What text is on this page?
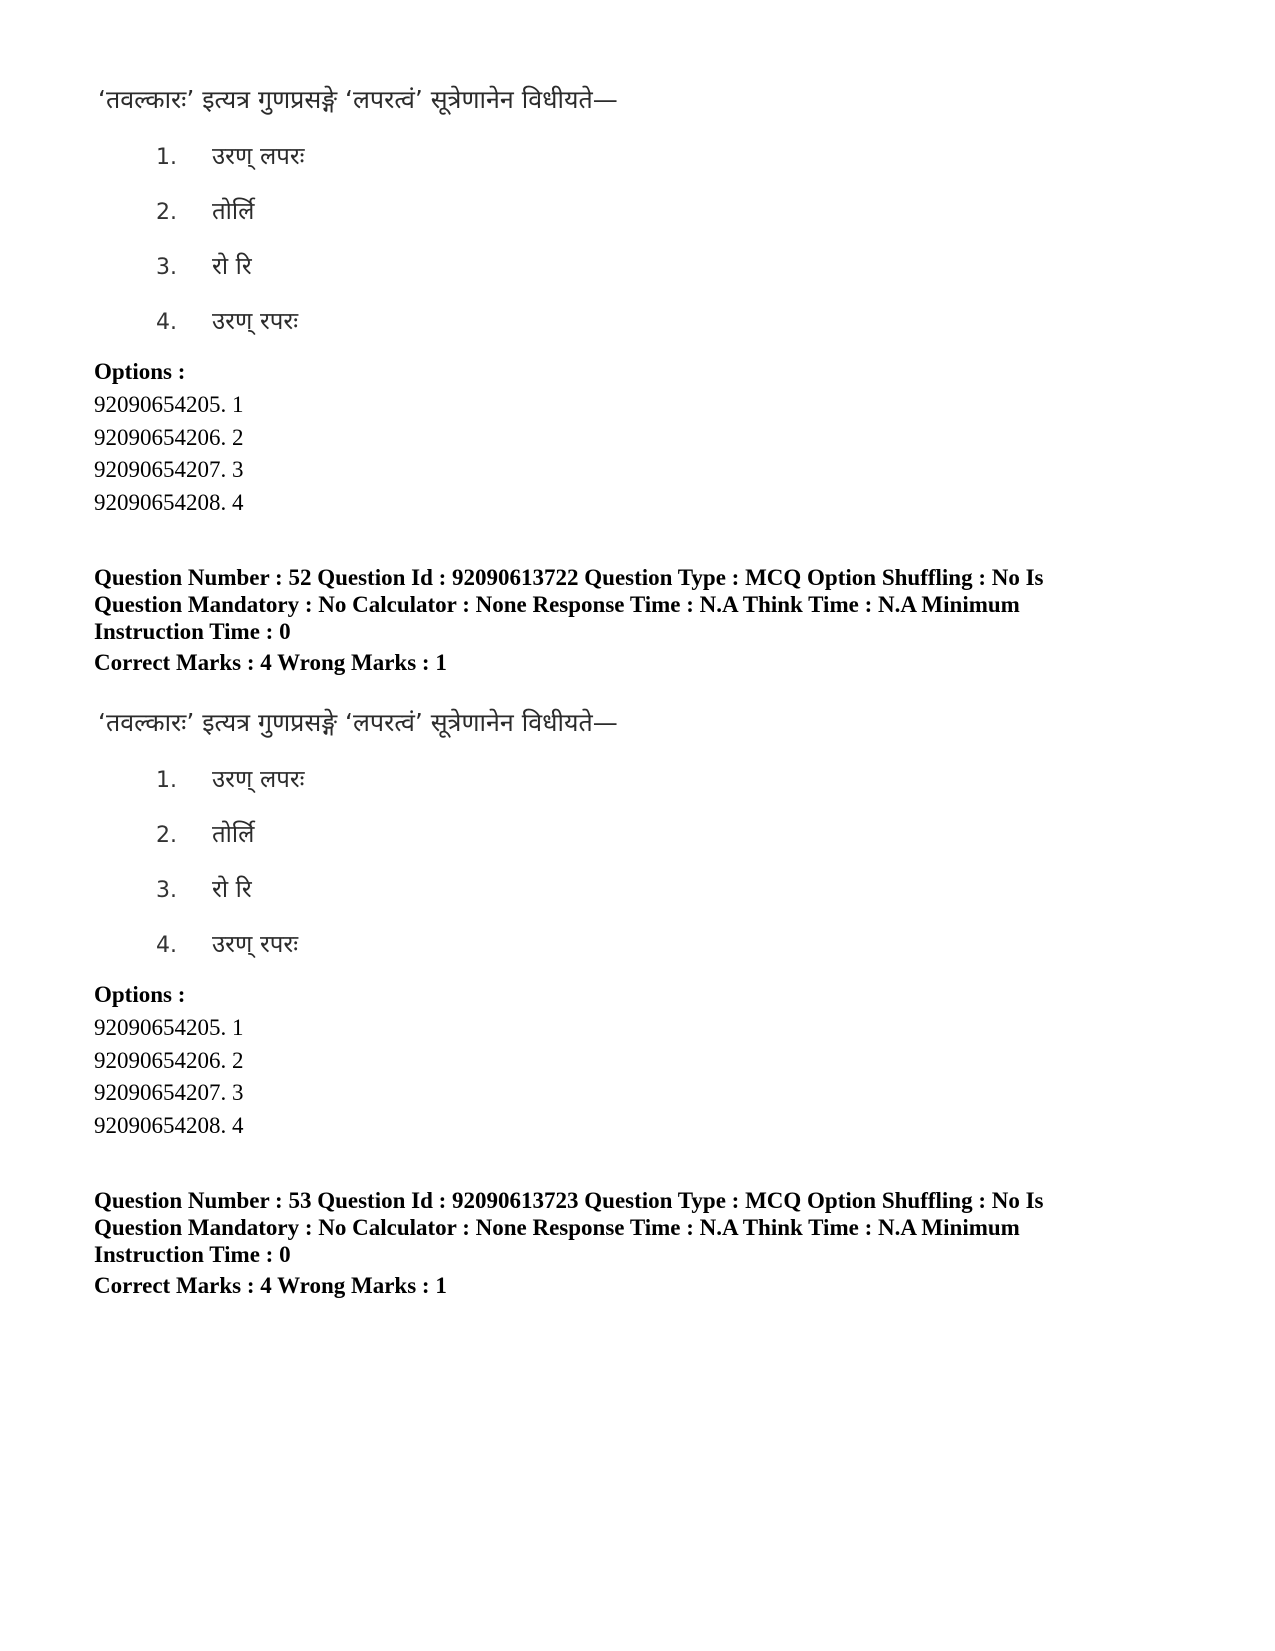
‘तवल्कारः’ इत्यत्र गुणप्रसङ्गे ‘लपरत्वं’ सूत्रेणानेन विधीयते—
1. उरण् लपरः
2. तोर्लि
3. रो रि
4. उरण् रपरः
Options :
92090654205. 1
92090654206. 2
92090654207. 3
92090654208. 4
Question Number : 52 Question Id : 92090613722 Question Type : MCQ Option Shuffling : No Is
Question Mandatory : No Calculator : None Response Time : N.A Think Time : N.A Minimum
Instruction Time : 0
Correct Marks : 4 Wrong Marks : 1
‘तवल्कारः’ इत्यत्र गुणप्रसङ्गे ‘लपरत्वं’ सूत्रेणानेन विधीयते—
1. उरण् लपरः
2. तोर्लि
3. रो रि
4. उरण् रपरः
Options :
92090654205. 1
92090654206. 2
92090654207. 3
92090654208. 4
Question Number : 53 Question Id : 92090613723 Question Type : MCQ Option Shuffling : No Is
Question Mandatory : No Calculator : None Response Time : N.A Think Time : N.A Minimum
Instruction Time : 0
Correct Marks : 4 Wrong Marks : 1
